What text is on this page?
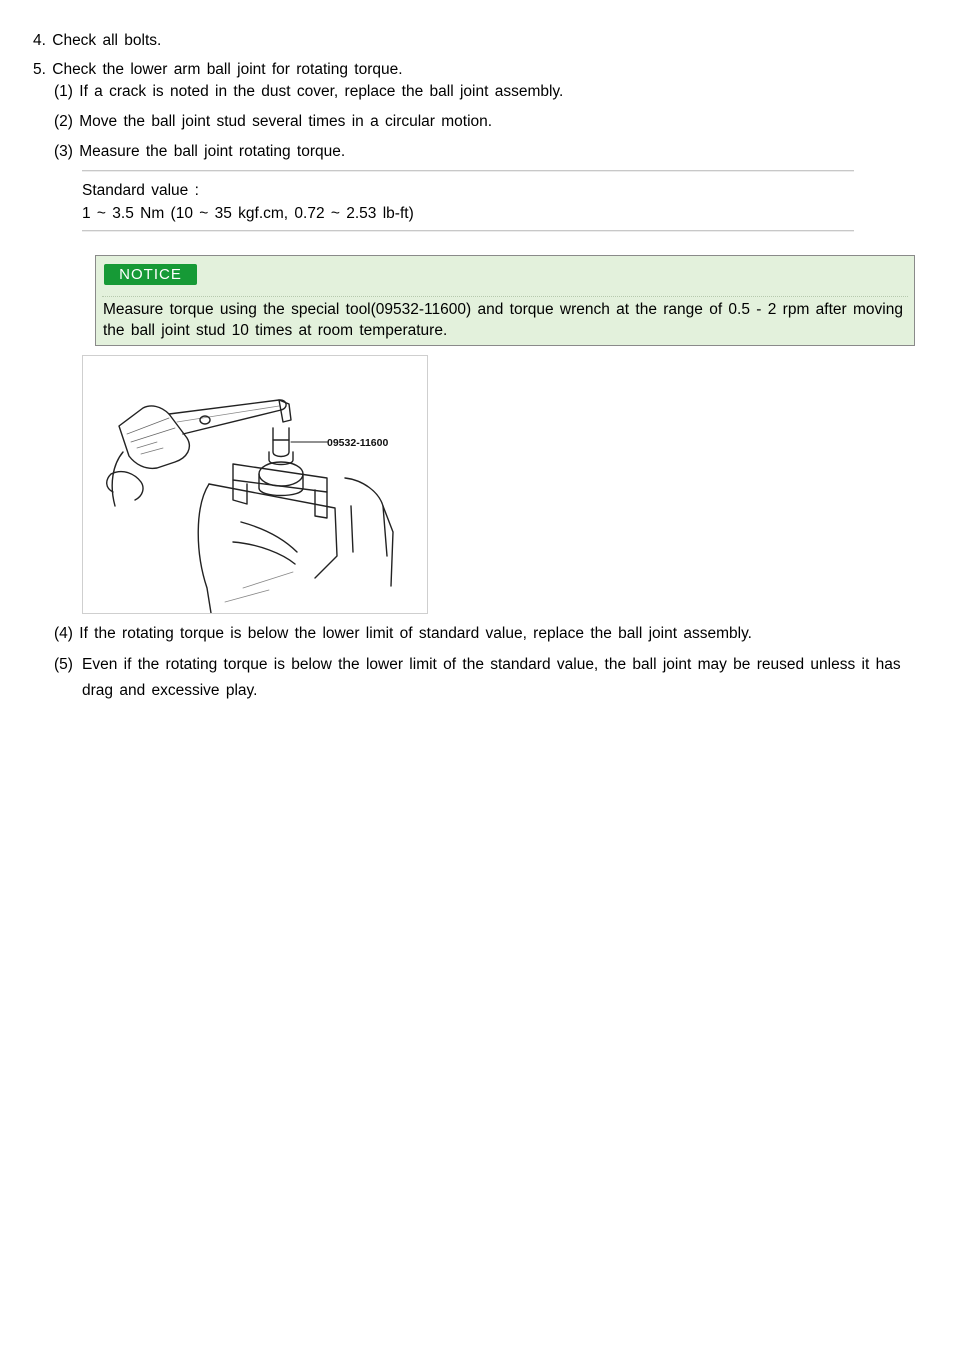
4. Check all bolts.
5. Check the lower arm ball joint for rotating torque.
(1) If a crack is noted in the dust cover, replace the ball joint assembly.
(2) Move the ball joint stud several times in a circular motion.
(3) Measure the ball joint rotating torque.
Standard value :
1 ~ 3.5 Nm (10 ~ 35 kgf.cm, 0.72 ~ 2.53 lb-ft)
NOTICE
Measure torque using the special tool(09532-11600) and torque wrench at the range of 0.5 - 2 rpm after moving the ball joint stud 10 times at room temperature.
09532-11600
(4) If the rotating torque is below the lower limit of standard value, replace the ball joint assembly.
(5) Even if the rotating torque is below the lower limit of the standard value, the ball joint may be reused unless it has drag and excessive play.
